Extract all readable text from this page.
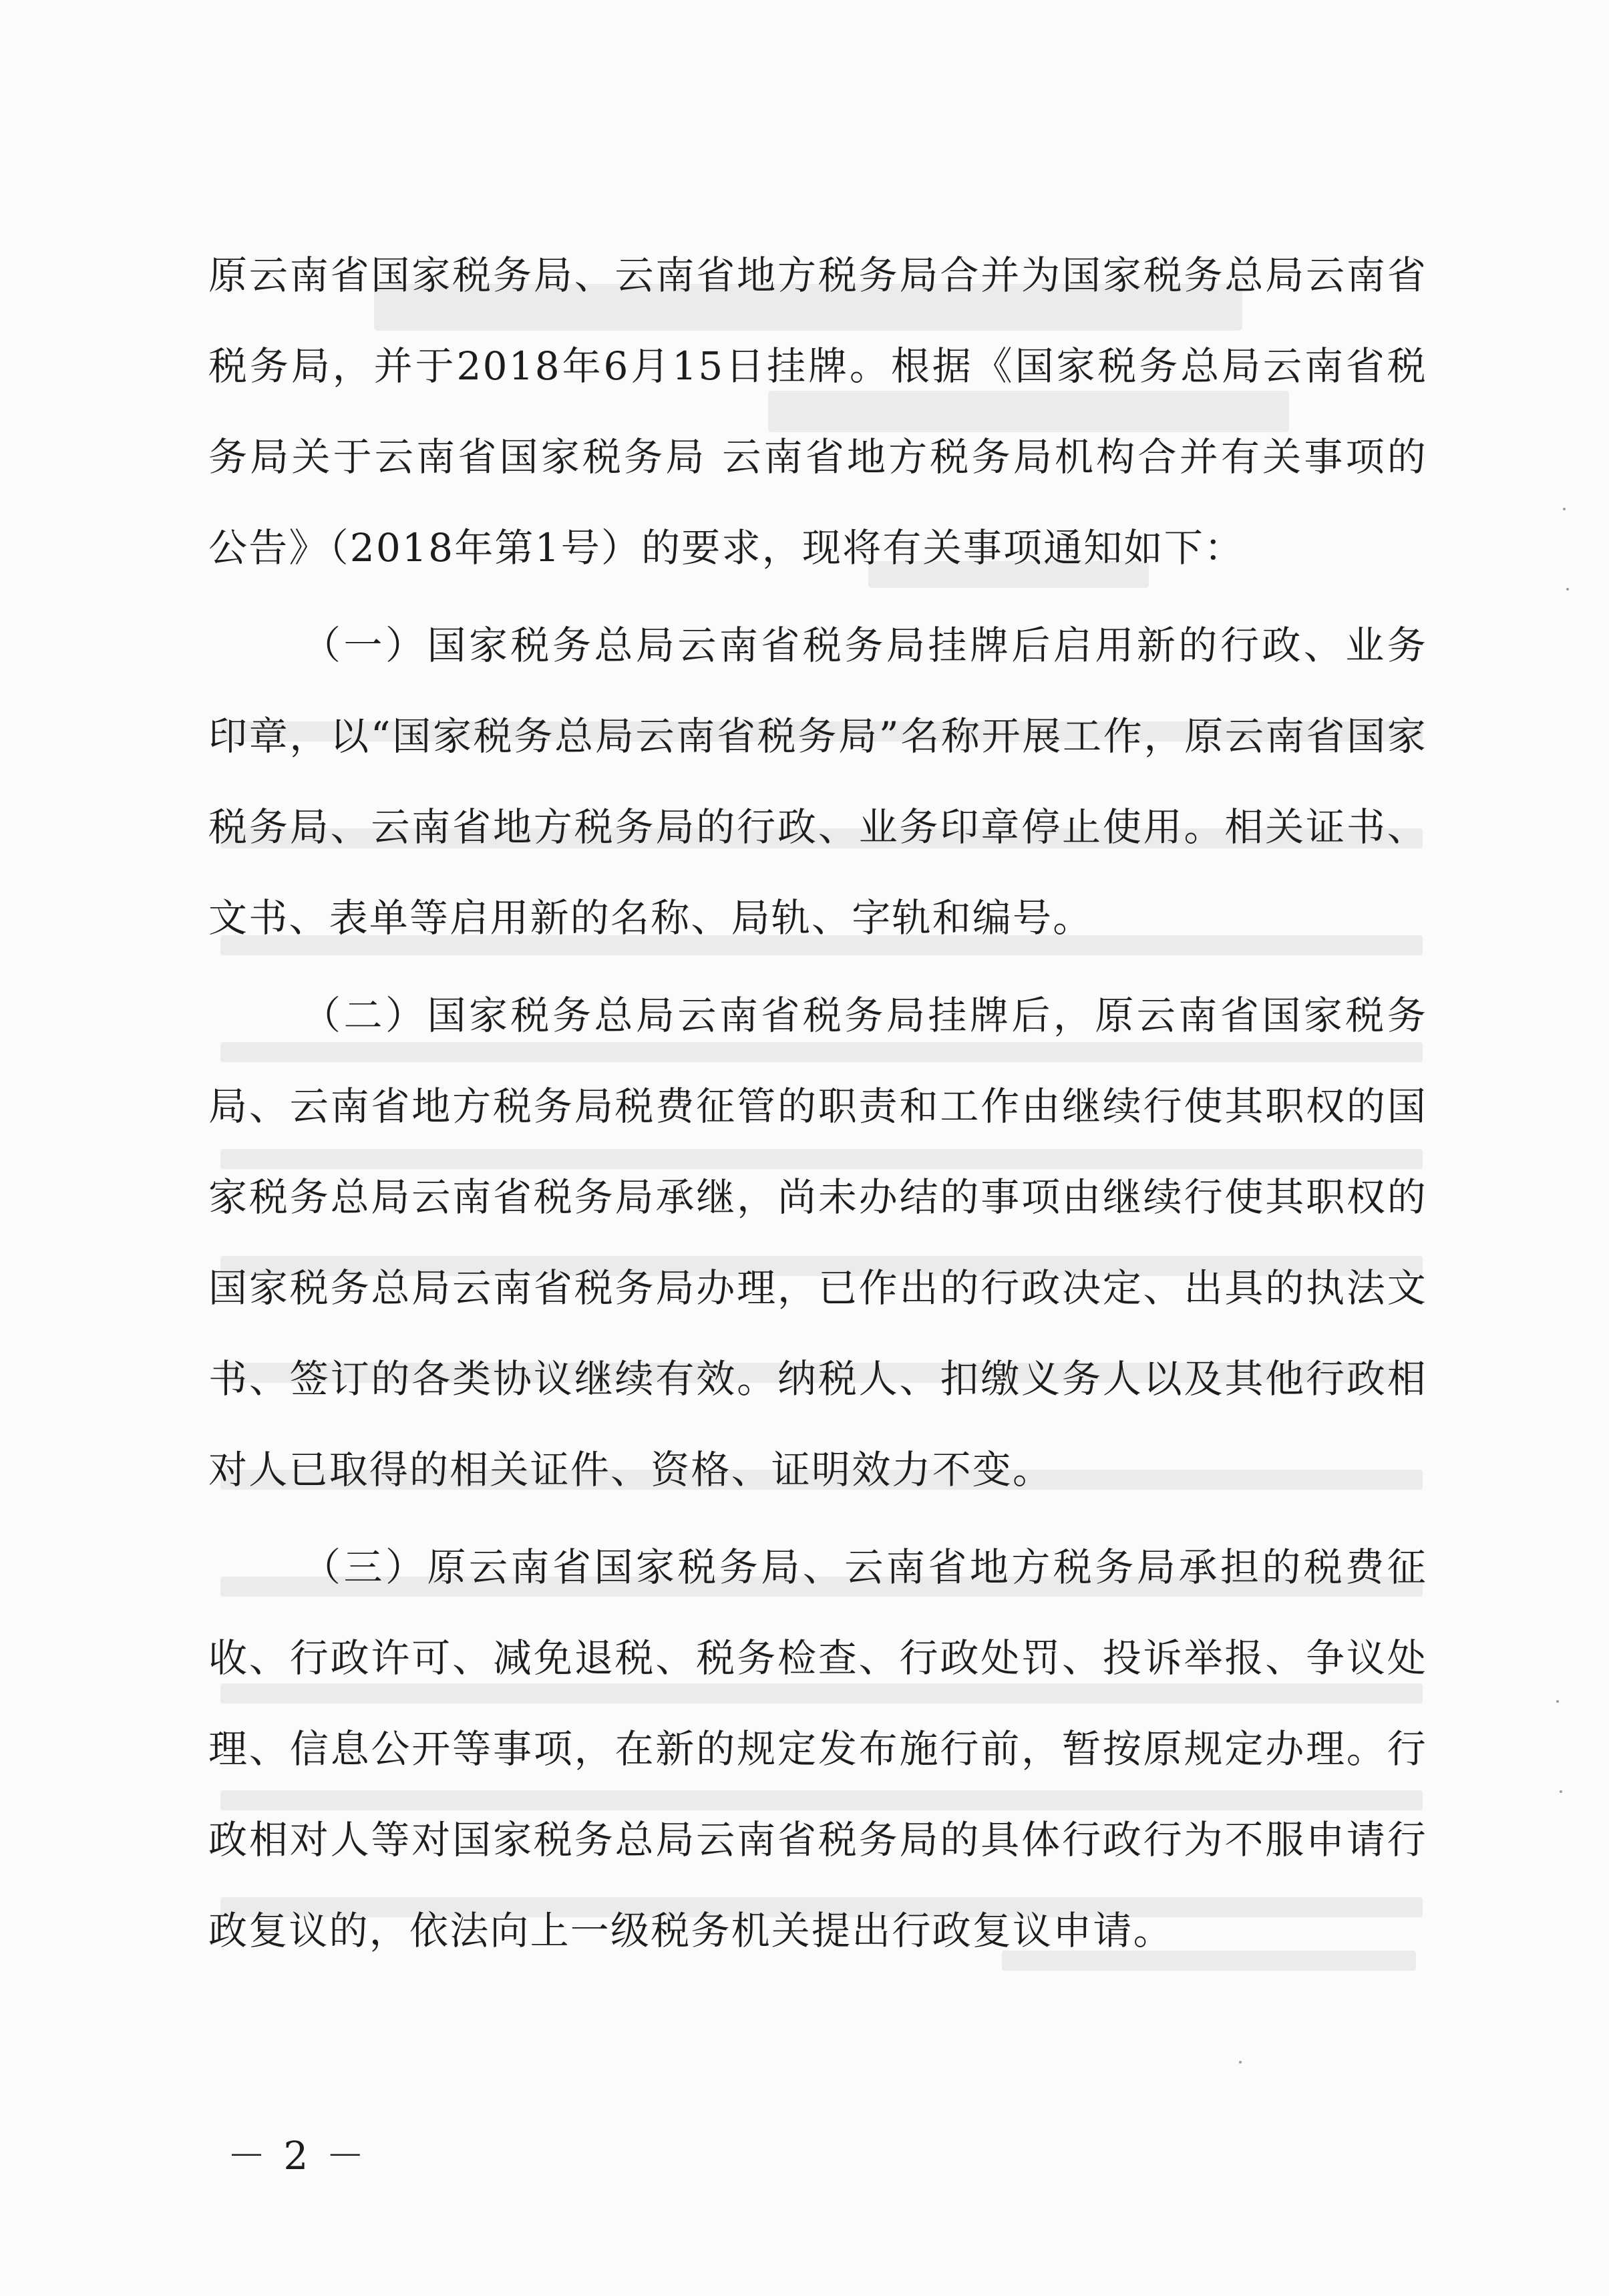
原云南省国家税务局、云南省地方税务局合并为国家税务总局云南省税务局，并于2018年6月15日挂牌。根据《国家税务总局云南省税务局关于云南省国家税务局 云南省地方税务局机构合并有关事项的公告》（2018年第1号）的要求，现将有关事项通知如下：

（一）国家税务总局云南省税务局挂牌后启用新的行政、业务印章，以“国家税务总局云南省税务局”名称开展工作，原云南省国家税务局、云南省地方税务局的行政、业务印章停止使用。相关证书、文书、表单等启用新的名称、局轨、字轨和编号。

（二）国家税务总局云南省税务局挂牌后，原云南省国家税务局、云南省地方税务局税费征管的职责和工作由继续行使其职权的国家税务总局云南省税务局承继，尚未办结的事项由继续行使其职权的国家税务总局云南省税务局办理，已作出的行政决定、出具的执法文书、签订的各类协议继续有效。纳税人、扣缴义务人以及其他行政相对人已取得的相关证件、资格、证明效力不变。

（三）原云南省国家税务局、云南省地方税务局承担的税费征收、行政许可、减免退税、税务检查、行政处罚、投诉举报、争议处理、信息公开等事项，在新的规定发布施行前，暂按原规定办理。行政相对人等对国家税务总局云南省税务局的具体行政行为不服申请行政复议的，依法向上一级税务机关提出行政复议申请。

－ 2 －
